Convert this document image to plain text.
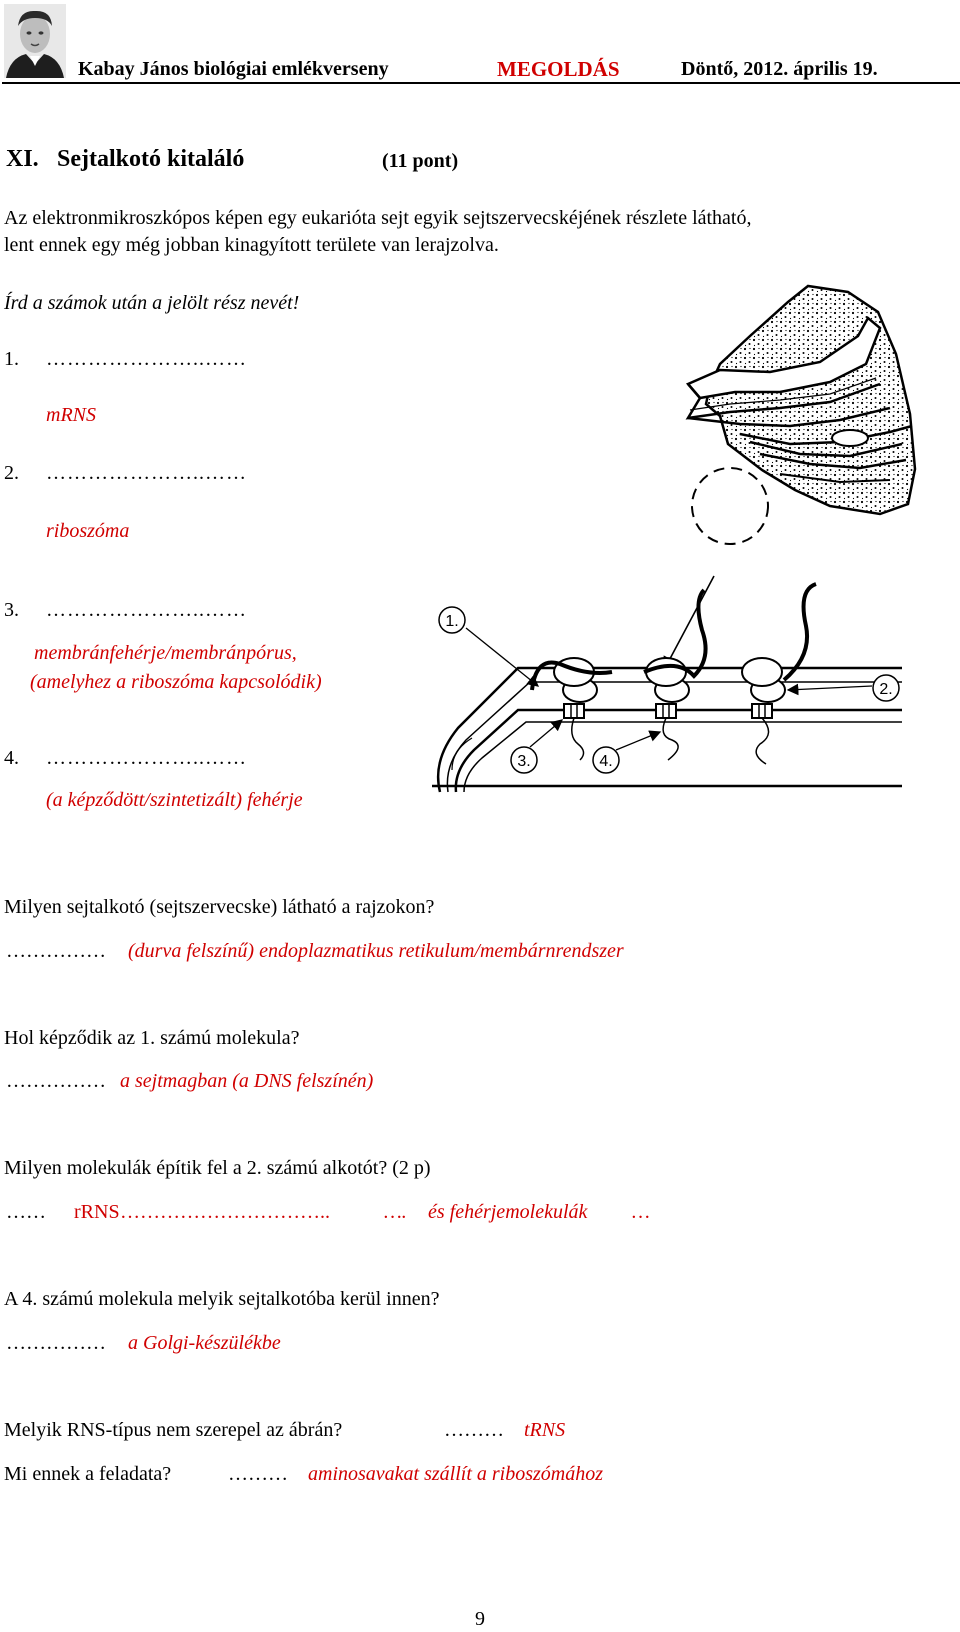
Kabay János biológiai emlékverseny	MEGOLDÁS	Döntő, 2012. április 19.
XI. Sejtalkotó kitaláló	(11 pont)
Az elektronmikroszkópos képen egy eukarióta sejt egyik sejtszervecskéjének részlete látható,
lent ennek egy még jobban kinagyított területe van lerajzolva.
Írd a számok után a jelölt rész nevét!
1. …………………..……
mRNS
2. …………………..……
riboszóma
3. …………………..……
membránfehérje/membránpórus,
(amelyhez a riboszóma kapcsolódik)
4. …………………..……
(a képződött/szintetizált) fehérje
1.
2.
3.	4.
Milyen sejtalkotó (sejtszervecske) látható a rajzokon?
…………… (durva felszínű) endoplazmatikus retikulum/membárnrendszer
Hol képződik az 1. számú molekula?
…………… a sejtmagban (a DNS felszínén)
Milyen molekulák építik fel a 2. számú alkotót? (2 p)
…… rRNS …………………………..	…. és fehérjemolekulák …
A 4. számú molekula melyik sejtalkotóba kerül innen?
…………… a Golgi-készülékbe
Melyik RNS-típus nem szerepel az ábrán?	……… tRNS
Mi ennek a feladata?	……… aminosavakat szállít a riboszómához
9
